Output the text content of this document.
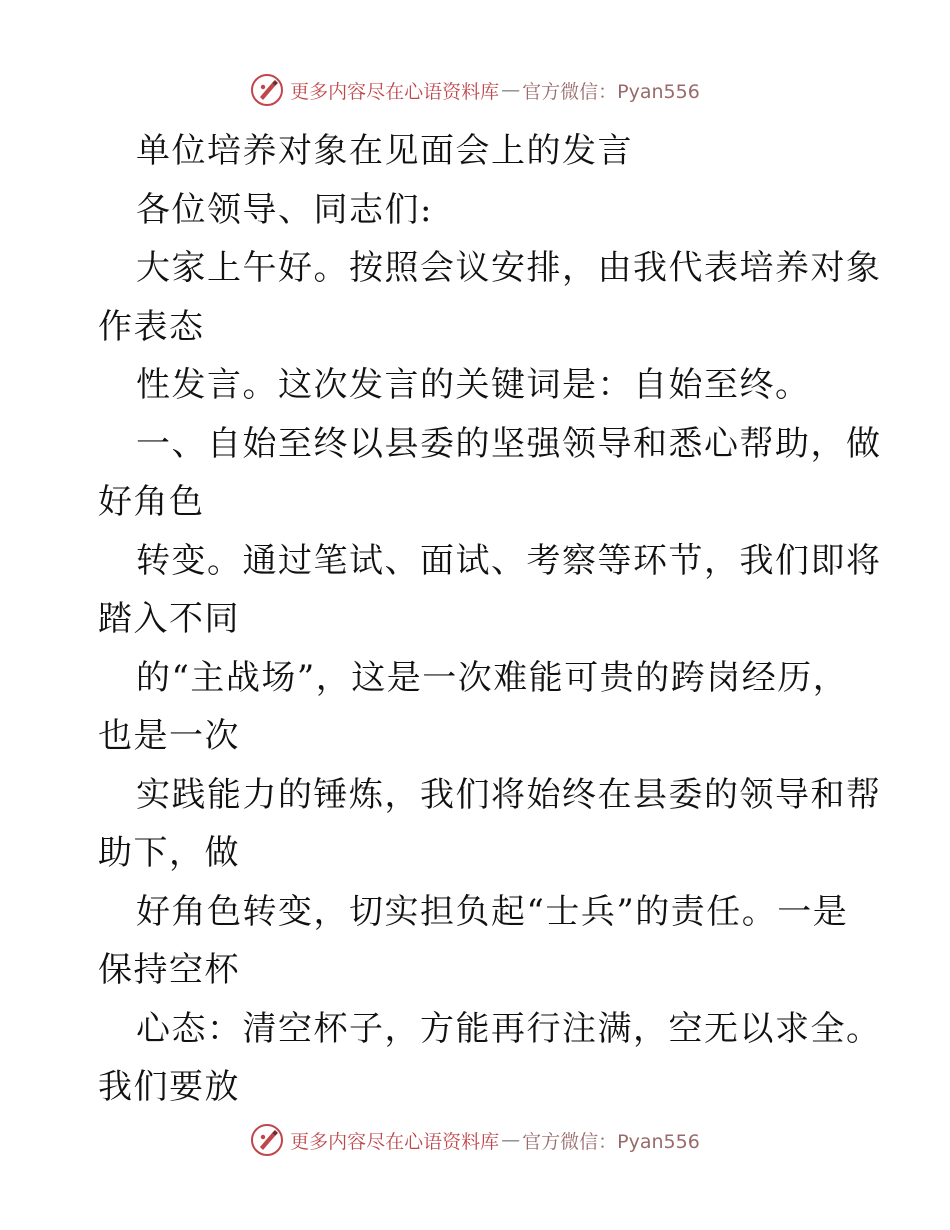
更多内容尽在心语资料库 — 官方微信：Pyan556
单位培养对象在见面会上的发言
各位领导、同志们:
大家上午好。按照会议安排，由我代表培养对象
作表态
性发言。这次发言的关键词是：自始至终。
一、自始至终以县委的坚强领导和悉心帮助，做
好角色
转变。通过笔试、面试、考察等环节，我们即将
踏入不同
的“主战场”，这是一次难能可贵的跨岗经历，
也是一次
实践能力的锤炼，我们将始终在县委的领导和帮
助下，做
好角色转变，切实担负起“士兵”的责任。一是
保持空杯
心态：清空杯子，方能再行注满，空无以求全。
我们要放
更多内容尽在心语资料库 — 官方微信：Pyan556
